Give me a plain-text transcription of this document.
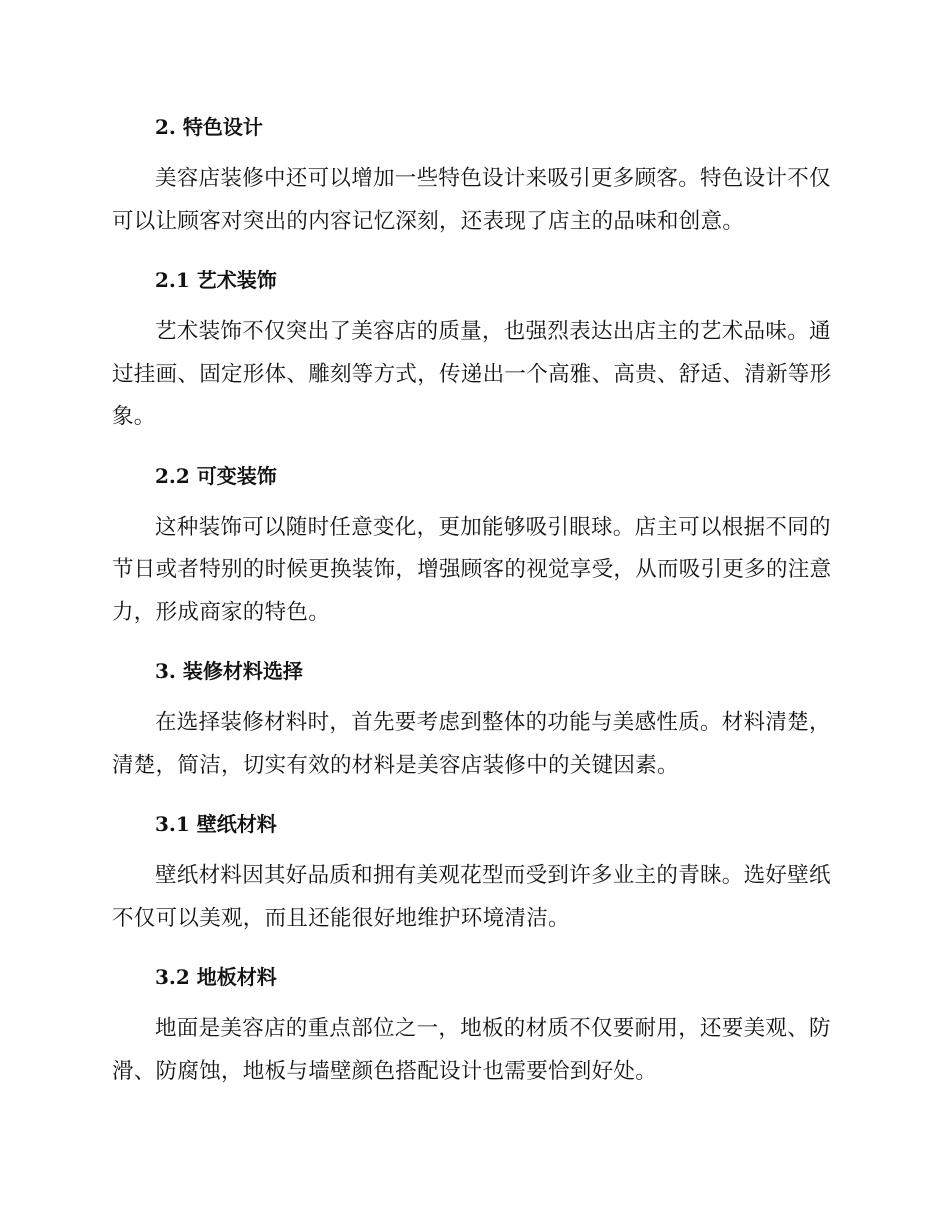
2. 特色设计

美容店装修中还可以增加一些特色设计来吸引更多顾客。特色设计不仅
可以让顾客对突出的内容记忆深刻，还表现了店主的品味和创意。

2.1 艺术装饰

艺术装饰不仅突出了美容店的质量，也强烈表达出店主的艺术品味。通
过挂画、固定形体、雕刻等方式，传递出一个高雅、高贵、舒适、清新等形
象。

2.2 可变装饰

这种装饰可以随时任意变化，更加能够吸引眼球。店主可以根据不同的
节日或者特别的时候更换装饰，增强顾客的视觉享受，从而吸引更多的注意
力，形成商家的特色。

3. 装修材料选择

在选择装修材料时，首先要考虑到整体的功能与美感性质。材料清楚，
清楚，简洁，切实有效的材料是美容店装修中的关键因素。

3.1 壁纸材料

壁纸材料因其好品质和拥有美观花型而受到许多业主的青睐。选好壁纸
不仅可以美观，而且还能很好地维护环境清洁。

3.2 地板材料

地面是美容店的重点部位之一，地板的材质不仅要耐用，还要美观、防
滑、防腐蚀，地板与墙壁颜色搭配设计也需要恰到好处。
